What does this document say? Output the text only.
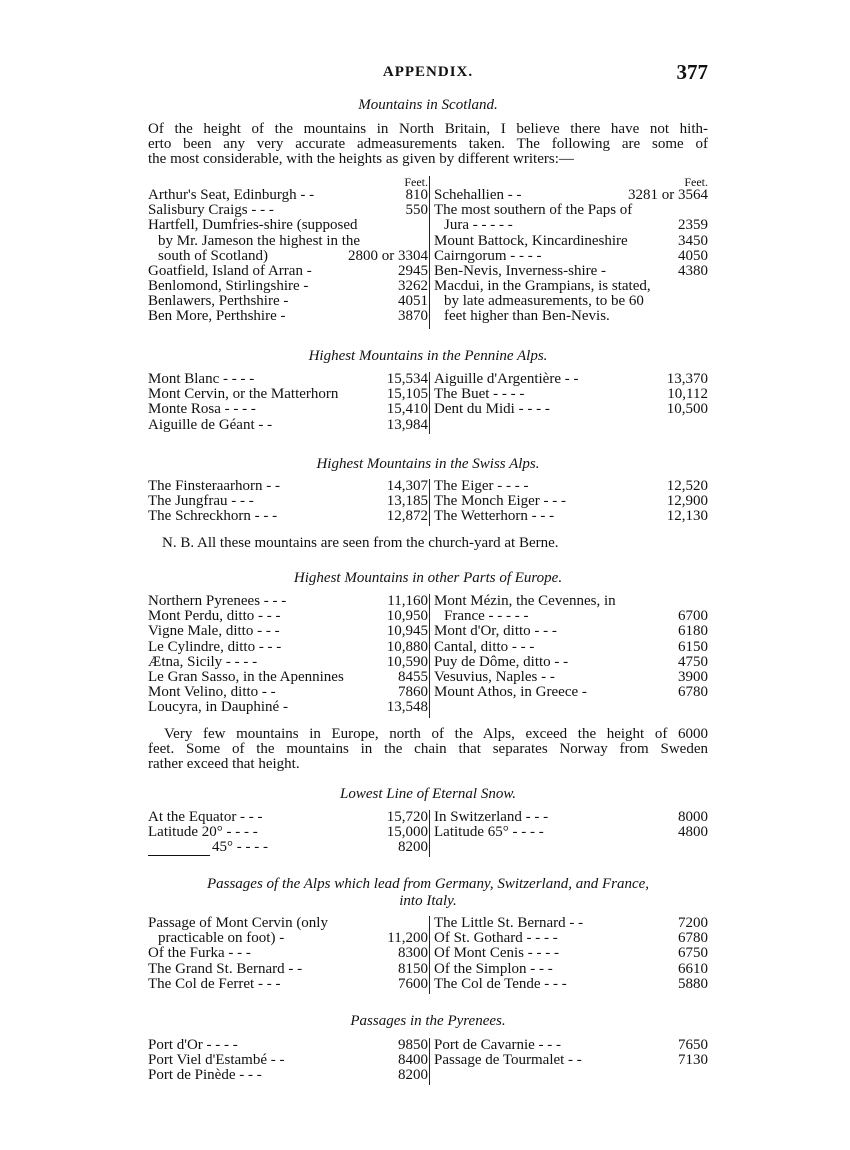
APPENDIX.	377
Mountains in Scotland.
Of the height of the mountains in North Britain, I believe there have not hith-
erto been any very accurate admeasurements taken. The following are some of
the most considerable, with the heights as given by different writers:—
Feet.
Arthur's Seat, Edinburgh - -	810
Salisbury Craigs - - -	550
Hartfell, Dumfries-shire (supposed
by Mr. Jameson the highest in the
south of Scotland)	2800 or 3304
Goatfield, Island of Arran -	2945
Benlomond, Stirlingshire -	3262
Benlawers, Perthshire -	4051
Ben More, Perthshire -	3870
Feet.
Schehallien - -	3281 or 3564
The most southern of the Paps of
Jura - - - - -	2359
Mount Battock, Kincardineshire	3450
Cairngorum - - - -	4050
Ben-Nevis, Inverness-shire -	4380
Macdui, in the Grampians, is stated,
by late admeasurements, to be 60
feet higher than Ben-Nevis.
Highest Mountains in the Pennine Alps.
Mont Blanc - - - -	15,534
Mont Cervin, or the Matterhorn	15,105
Monte Rosa - - - -	15,410
Aiguille de Géant - -	13,984
Aiguille d'Argentière - -	13,370
The Buet - - - -	10,112
Dent du Midi - - - -	10,500
Highest Mountains in the Swiss Alps.
The Finsteraarhorn - -	14,307
The Jungfrau - - -	13,185
The Schreckhorn - - -	12,872
The Eiger - - - -	12,520
The Monch Eiger - - -	12,900
The Wetterhorn - - -	12,130
N. B. All these mountains are seen from the church-yard at Berne.
Highest Mountains in other Parts of Europe.
Northern Pyrenees - - -	11,160
Mont Perdu, ditto - - -	10,950
Vigne Male, ditto - - -	10,945
Le Cylindre, ditto - - -	10,880
Ætna, Sicily - - - -	10,590
Le Gran Sasso, in the Apennines	8455
Mont Velino, ditto - -	7860
Loucyra, in Dauphiné -	13,548
Mont Mézin, the Cevennes, in
France - - - - -	6700
Mont d'Or, ditto - - -	6180
Cantal, ditto - - -	6150
Puy de Dôme, ditto - -	4750
Vesuvius, Naples - -	3900
Mount Athos, in Greece -	6780
Very few mountains in Europe, north of the Alps, exceed the height of 6000
feet. Some of the mountains in the chain that separates Norway from Sweden
rather exceed that height.
Lowest Line of Eternal Snow.
At the Equator - - -	15,720
Latitude 20° - - - -	15,000
45° - - - -	8200
In Switzerland - - -	8000
Latitude 65° - - - -	4800
Passages of the Alps which lead from Germany, Switzerland, and France,
into Italy.
Passage of Mont Cervin (only
practicable on foot) -	11,200
Of the Furka - - -	8300
The Grand St. Bernard - -	8150
The Col de Ferret - - -	7600
The Little St. Bernard - -	7200
Of St. Gothard - - - -	6780
Of Mont Cenis - - - -	6750
Of the Simplon - - -	6610
The Col de Tende - - -	5880
Passages in the Pyrenees.
Port d'Or - - - -	9850
Port Viel d'Estambé - -	8400
Port de Pinède - - -	8200
Port de Cavarnie - - -	7650
Passage de Tourmalet - -	7130
